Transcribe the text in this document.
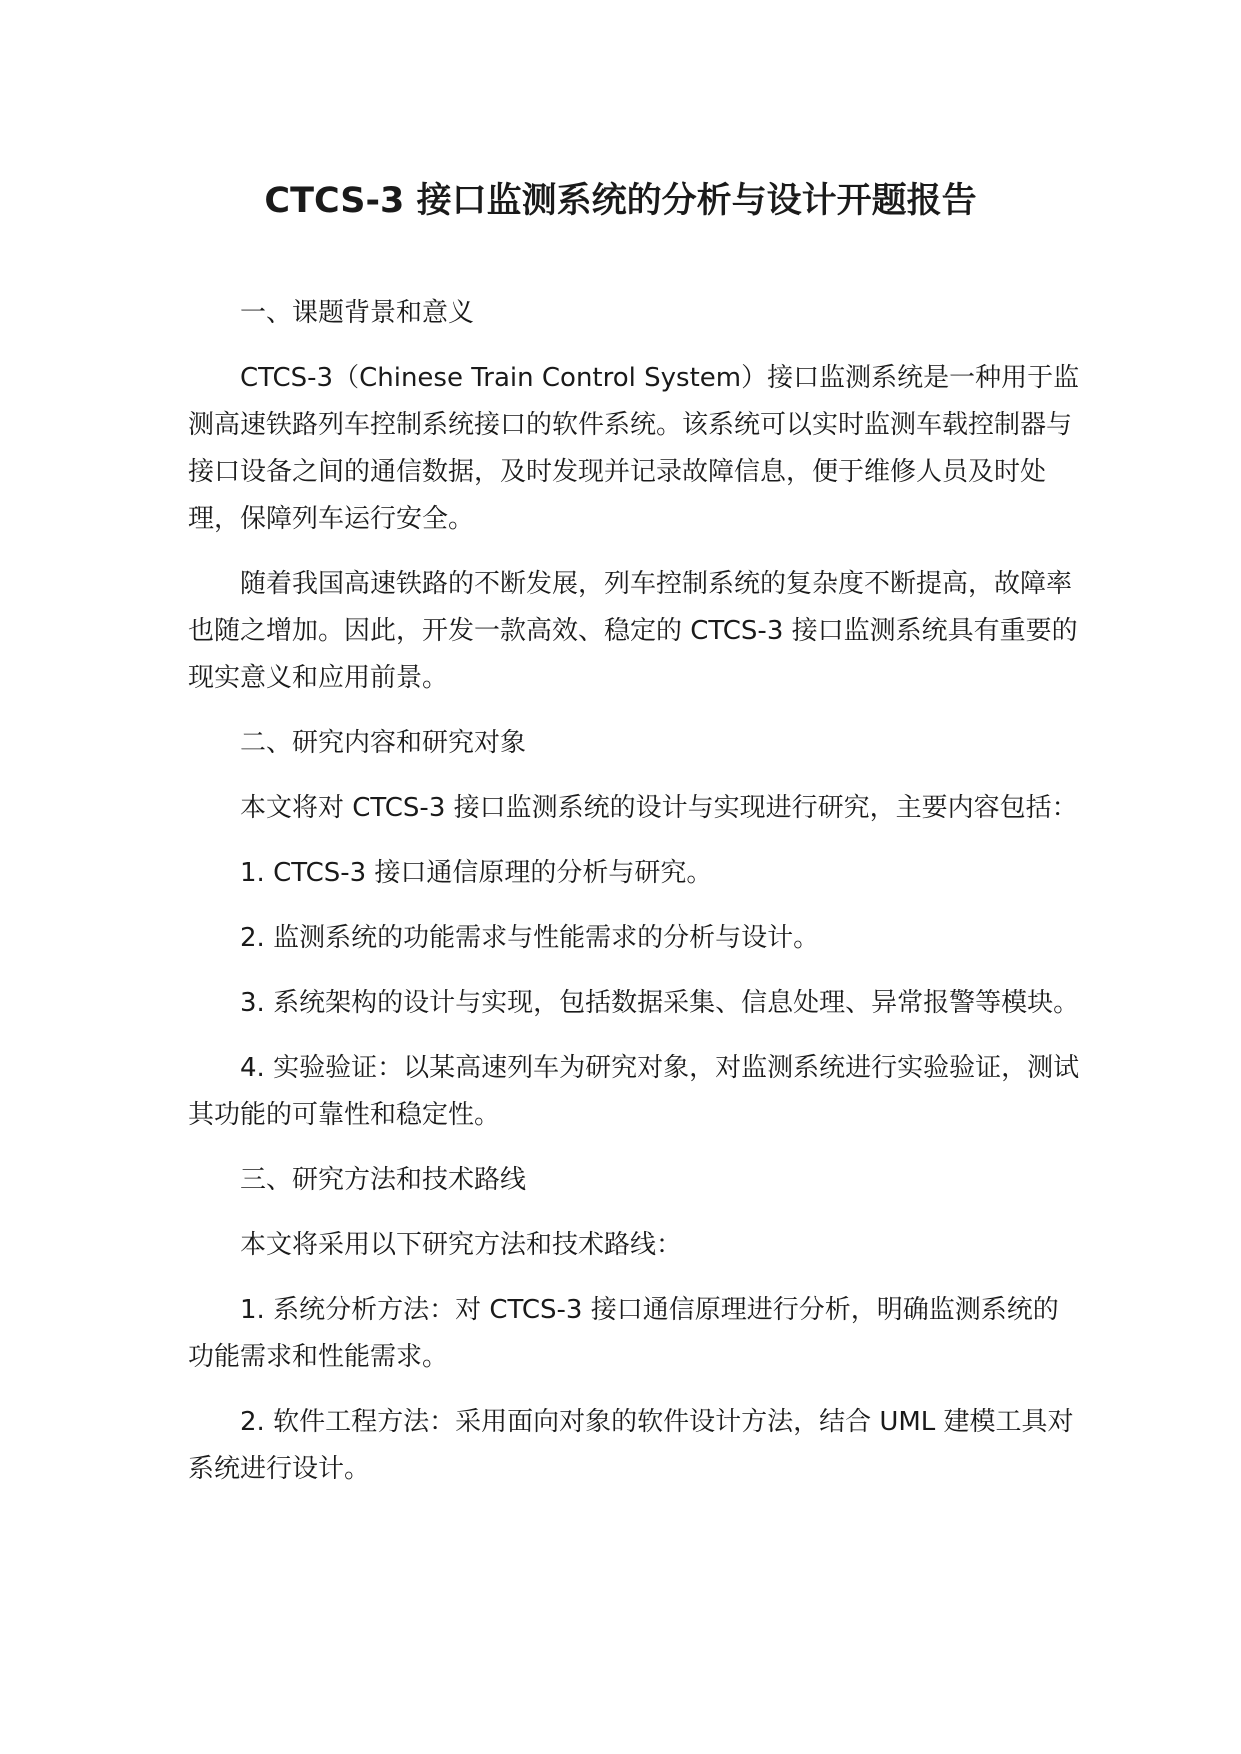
CTCS-3 接口监测系统的分析与设计开题报告
一、课题背景和意义
CTCS-3（Chinese Train Control System）接口监测系统是一种用于监测高速铁路列车控制系统接口的软件系统。该系统可以实时监测车载控制器与接口设备之间的通信数据，及时发现并记录故障信息，便于维修人员及时处理，保障列车运行安全。
随着我国高速铁路的不断发展，列车控制系统的复杂度不断提高，故障率也随之增加。因此，开发一款高效、稳定的 CTCS-3 接口监测系统具有重要的现实意义和应用前景。
二、研究内容和研究对象
本文将对 CTCS-3 接口监测系统的设计与实现进行研究，主要内容包括：
1. CTCS-3 接口通信原理的分析与研究。
2. 监测系统的功能需求与性能需求的分析与设计。
3. 系统架构的设计与实现，包括数据采集、信息处理、异常报警等模块。
4. 实验验证：以某高速列车为研究对象，对监测系统进行实验验证，测试其功能的可靠性和稳定性。
三、研究方法和技术路线
本文将采用以下研究方法和技术路线：
1. 系统分析方法：对 CTCS-3 接口通信原理进行分析，明确监测系统的功能需求和性能需求。
2. 软件工程方法：采用面向对象的软件设计方法，结合 UML 建模工具对系统进行设计。
